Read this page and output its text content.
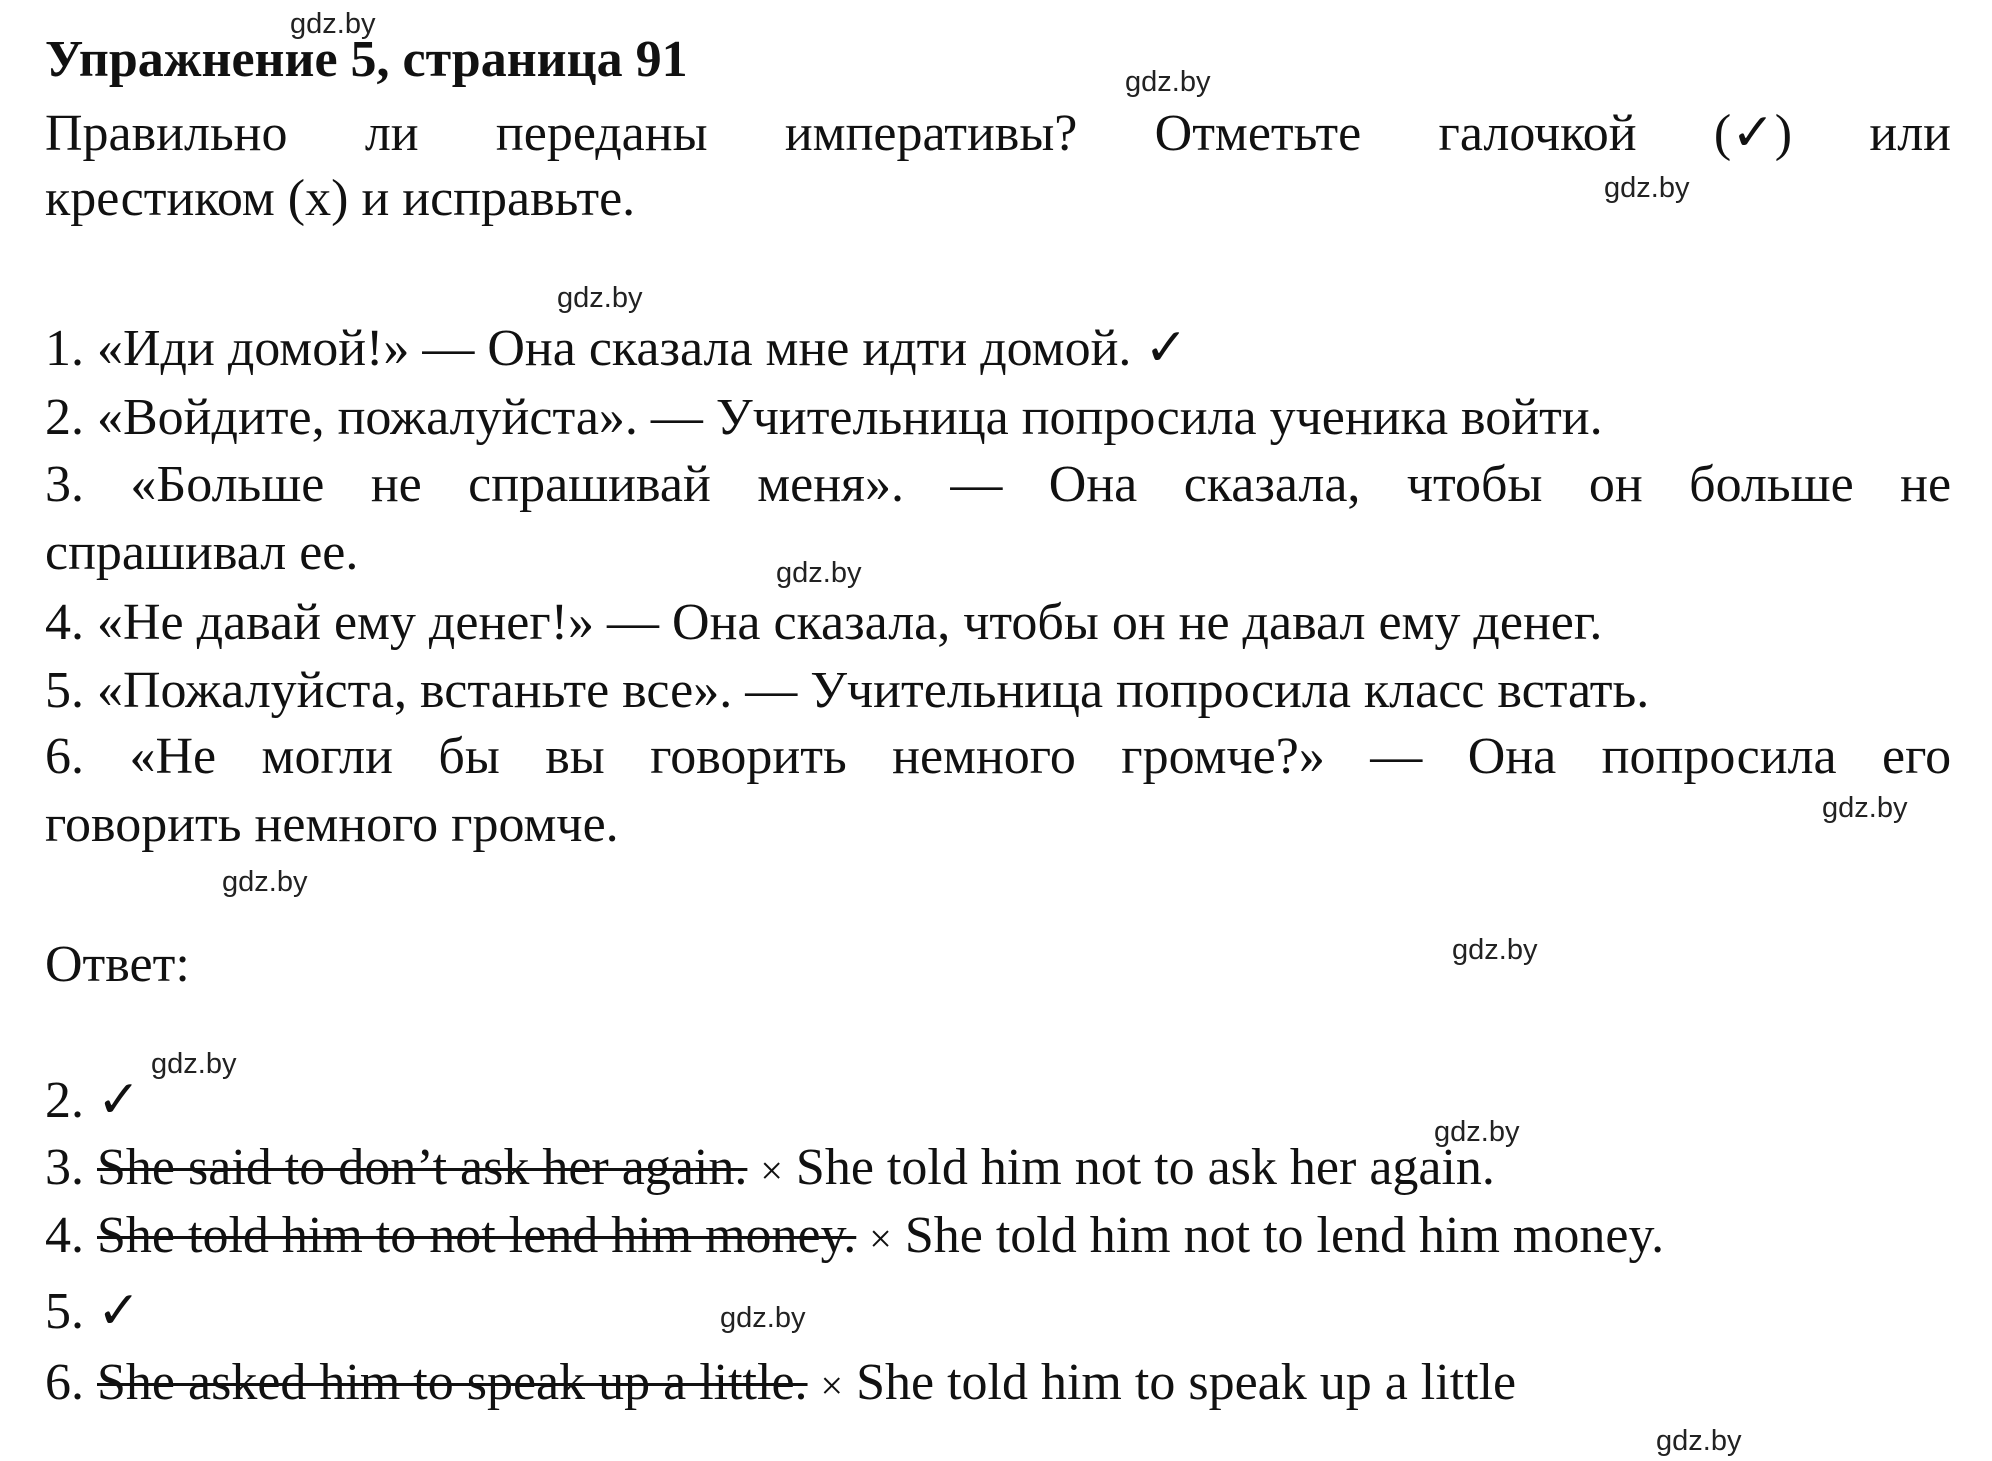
Упражнение 5, страница 91
Правильно ли переданы императивы? Отметьте галочкой (✓) или
крестиком (х) и исправьте.
1. «Иди домой!» — Она сказала мне идти домой. ✓
2. «Войдите, пожалуйста». — Учительница попросила ученика войти.
3. «Больше не спрашивай меня». — Она сказала, чтобы он больше не
спрашивал ее.
4. «Не давай ему денег!» — Она сказала, чтобы он не давал ему денег.
5. «Пожалуйста, встаньте все». — Учительница попросила класс встать.
6. «Не могли бы вы говорить немного громче?» — Она попросила его
говорить немного громче.
Ответ:
2. ✓
3. She said to don’t ask her again. × She told him not to ask her again.
4. She told him to not lend him money. × She told him not to lend him money.
5. ✓
6. She asked him to speak up a little. × She told him to speak up a little
gdz.by
gdz.by
gdz.by
gdz.by
gdz.by
gdz.by
gdz.by
gdz.by
gdz.by
gdz.by
gdz.by
gdz.by
